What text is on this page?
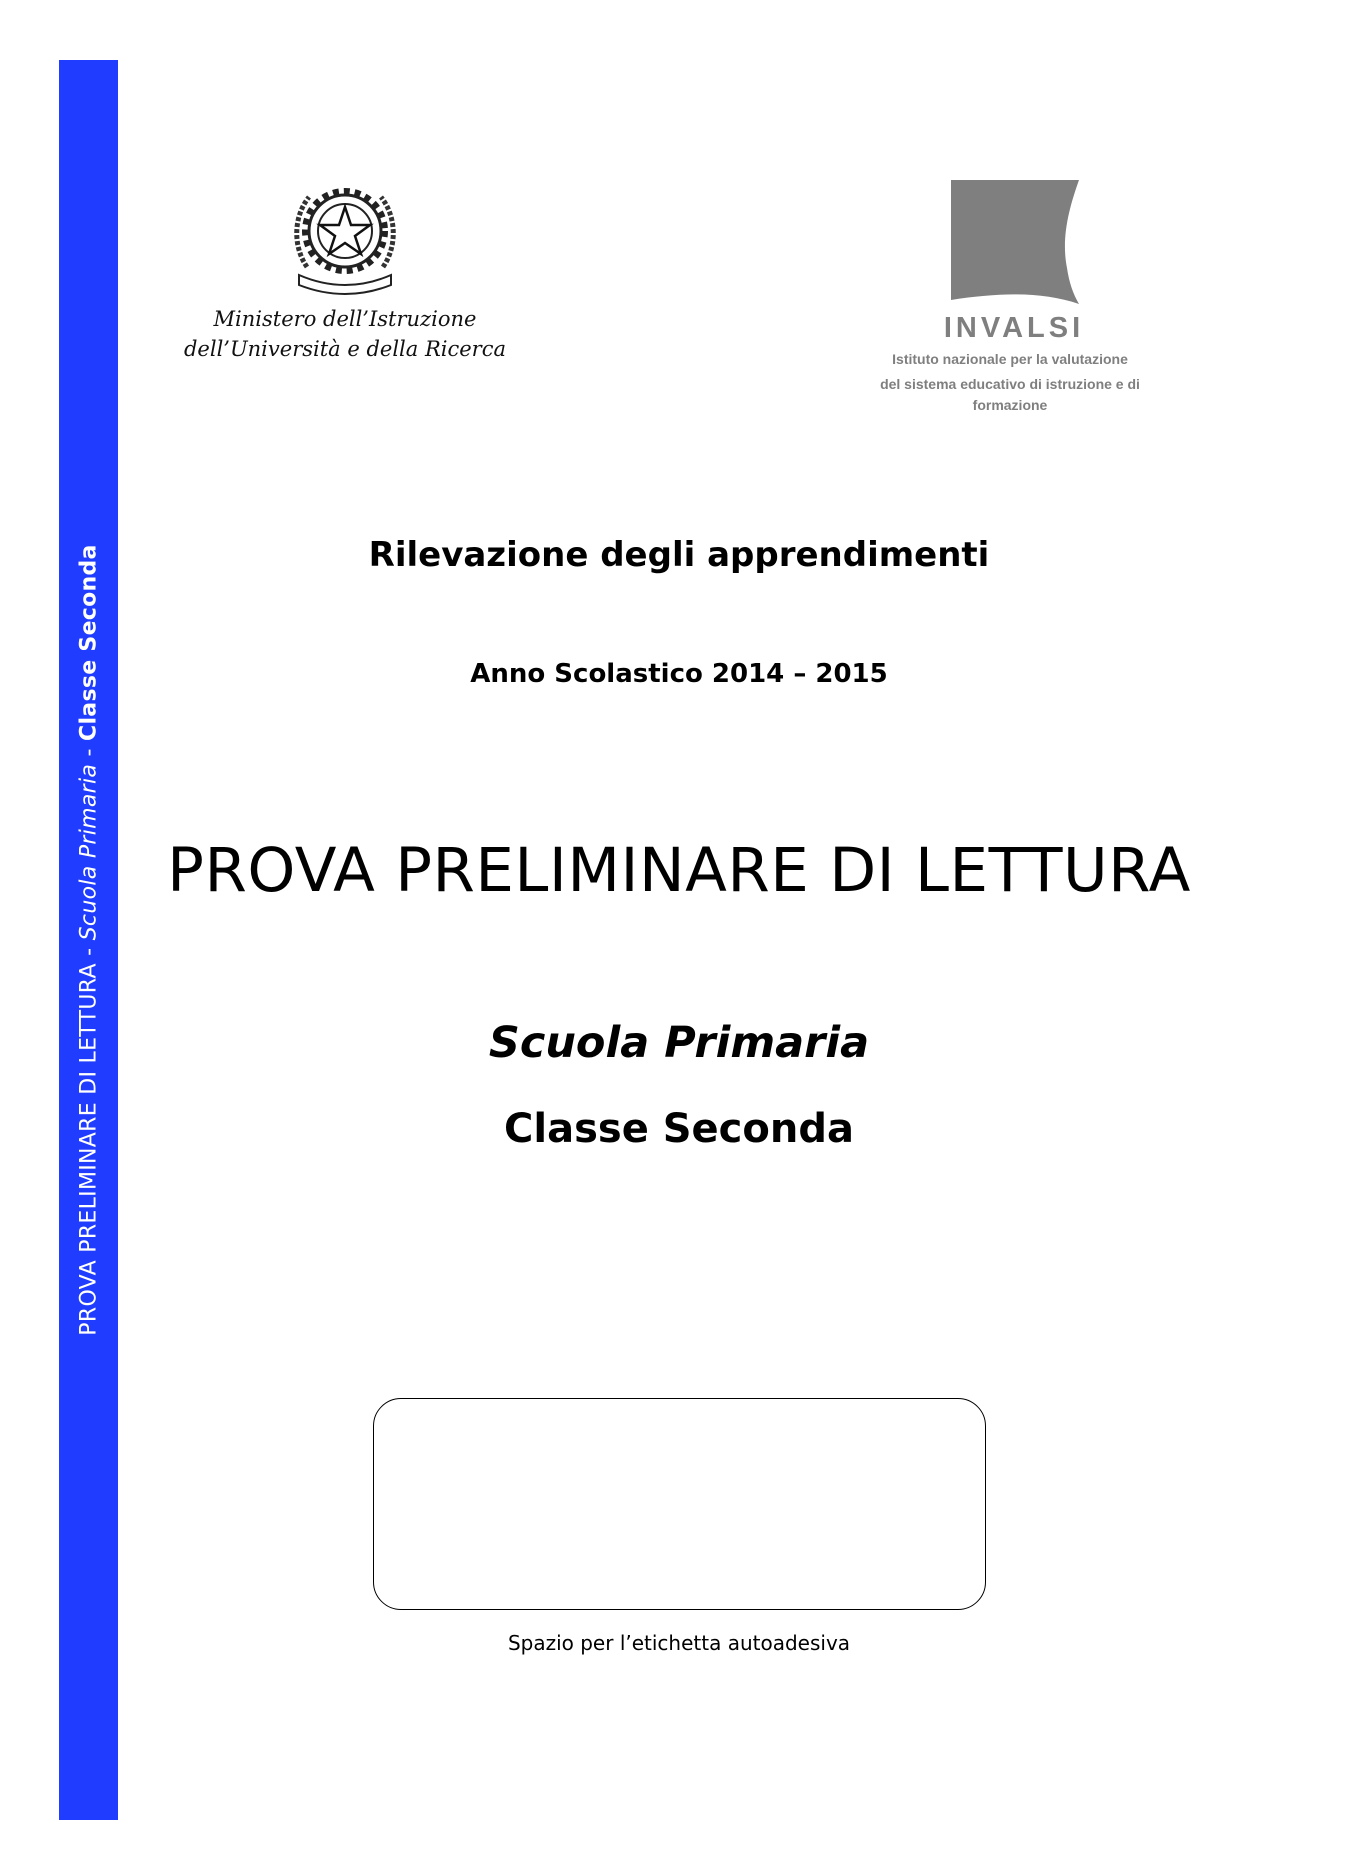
PROVA PRELIMINARE DI LETTURA - Scuola Primaria - Classe Seconda
Ministero dell’Istruzione
dell’Università e della Ricerca
INVALSI
Istituto nazionale per la valutazione
del sistema educativo di istruzione e di formazione
Rilevazione degli apprendimenti
Anno Scolastico 2014 – 2015
PROVA PRELIMINARE DI LETTURA
Scuola Primaria
Classe Seconda
Spazio per l’etichetta autoadesiva
